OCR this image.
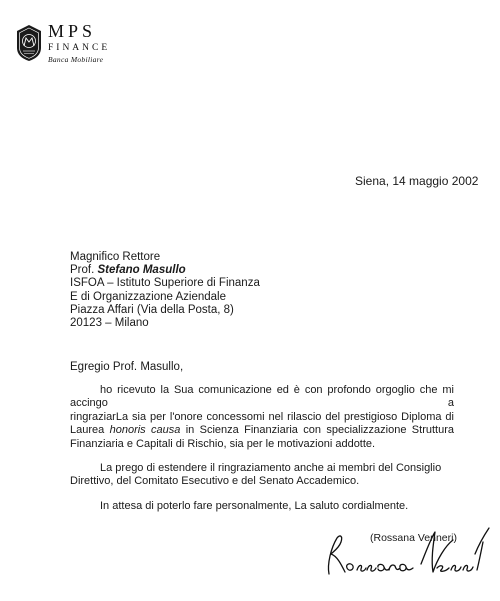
MPS
FINANCE
Banca Mobiliare
Siena, 14 maggio 2002
Magnifico Rettore
Prof. Stefano Masullo
ISFOA – Istituto Superiore di Finanza
E di Organizzazione Aziendale
Piazza Affari (Via della Posta, 8)
20123 – Milano
Egregio Prof. Masullo,
ho ricevuto la Sua comunicazione ed è con profondo orgoglio che mi accingo a
ringraziarLa sia per l'onore concessomi nel rilascio del prestigioso Diploma di Laurea honoris causa in Scienza Finanziaria con specializzazione Struttura Finanziaria e Capitali di Rischio, sia per le motivazioni addotte.
La prego di estendere il ringraziamento anche ai membri del Consiglio Direttivo, del Comitato Esecutivo e del Senato Accademico.
In attesa di poterlo fare personalmente, La saluto cordialmente.
(Rossana Venneri)
